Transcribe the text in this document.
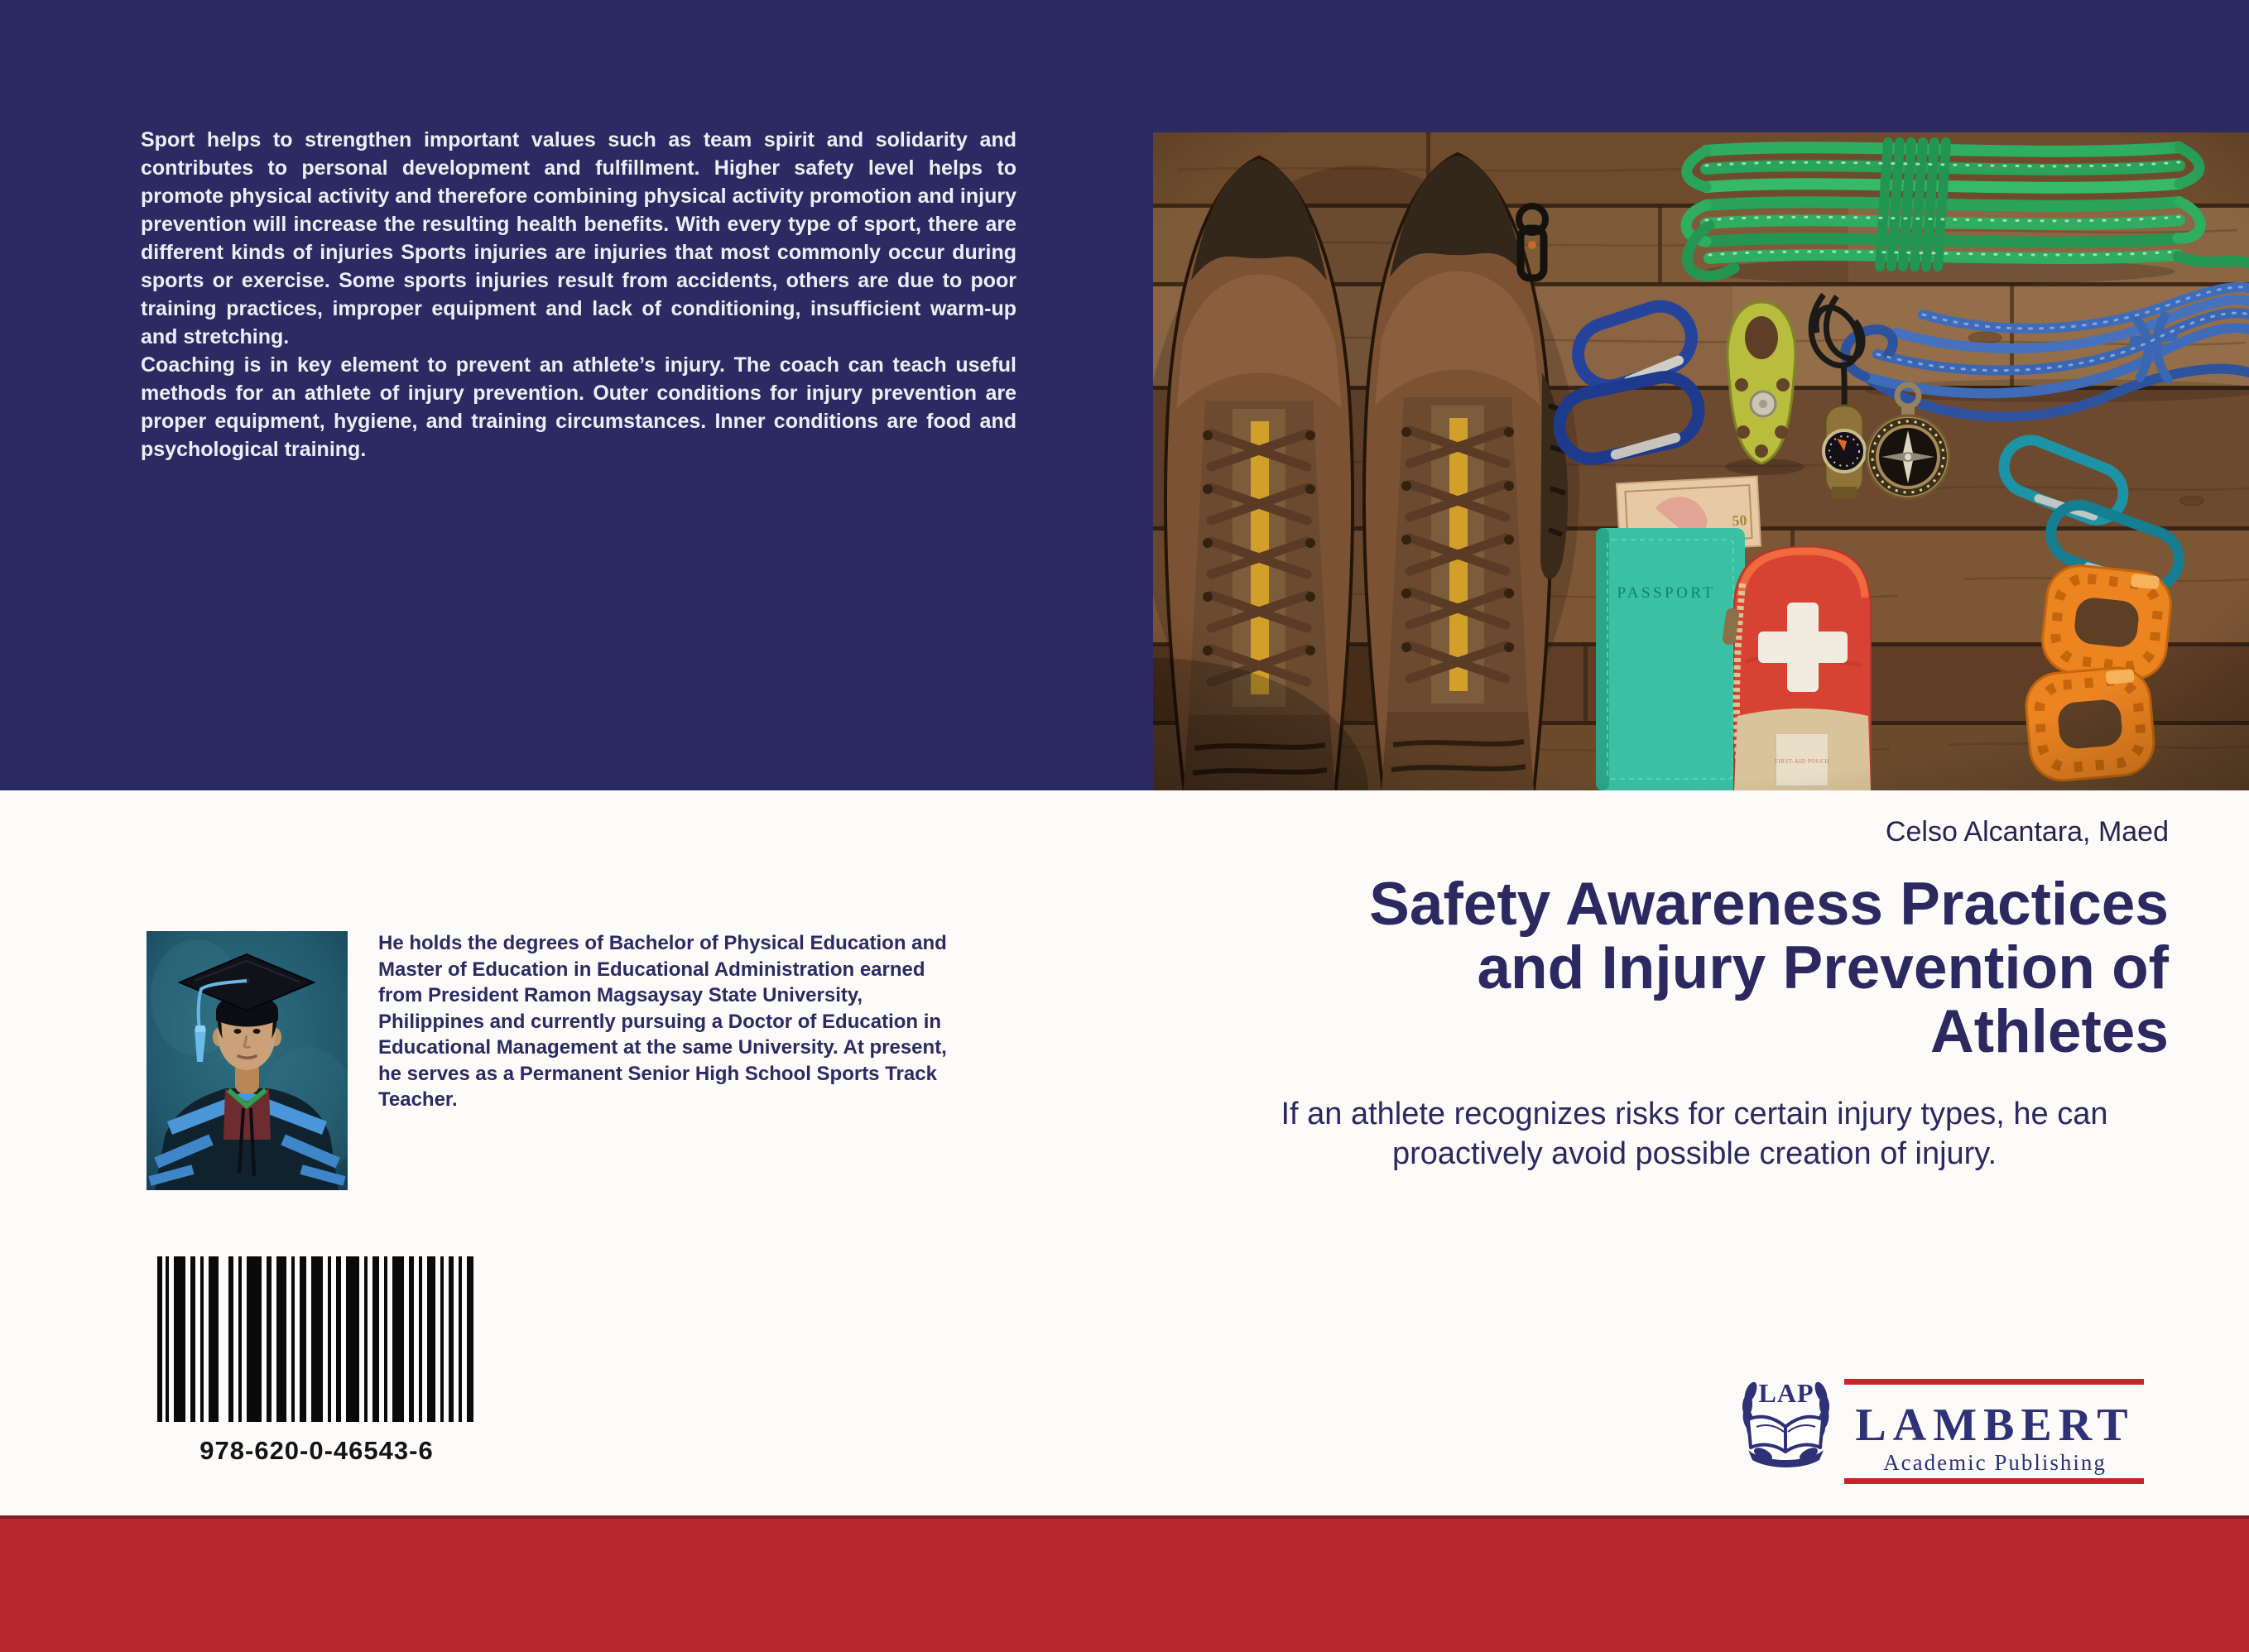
Sport helps to strengthen important values such as team spirit and solidarity and contributes to personal development and fulfillment. Higher safety level helps to promote physical activity and therefore combining physical activity promotion and injury prevention will increase the resulting health benefits. With every type of sport, there are different kinds of injuries Sports injuries are injuries that most commonly occur during sports or exercise. Some sports injuries result from accidents, others are due to poor training practices, improper equipment and lack of conditioning, insufficient warm-up and stretching.

Coaching is in key element to prevent an athlete’s injury. The coach can teach useful methods for an athlete of injury prevention. Outer conditions for injury prevention are proper equipment, hygiene, and training circumstances. Inner conditions are food and psychological training.

Celso Alcantara, Maed
Safety Awareness Practices
and Injury Prevention of
Athletes
If an athlete recognizes risks for certain injury types, he can proactively avoid possible creation of injury.
He holds the degrees of Bachelor of Physical Education and Master of Education in Educational Administration earned from President Ramon Magsaysay State University, Philippines and currently pursuing a Doctor of Education in Educational Management at the same University. At present, he serves as a Permanent Senior High School Sports Track Teacher.
978-620-0-46543-6
LAP
LAMBERT
Academic Publishing
